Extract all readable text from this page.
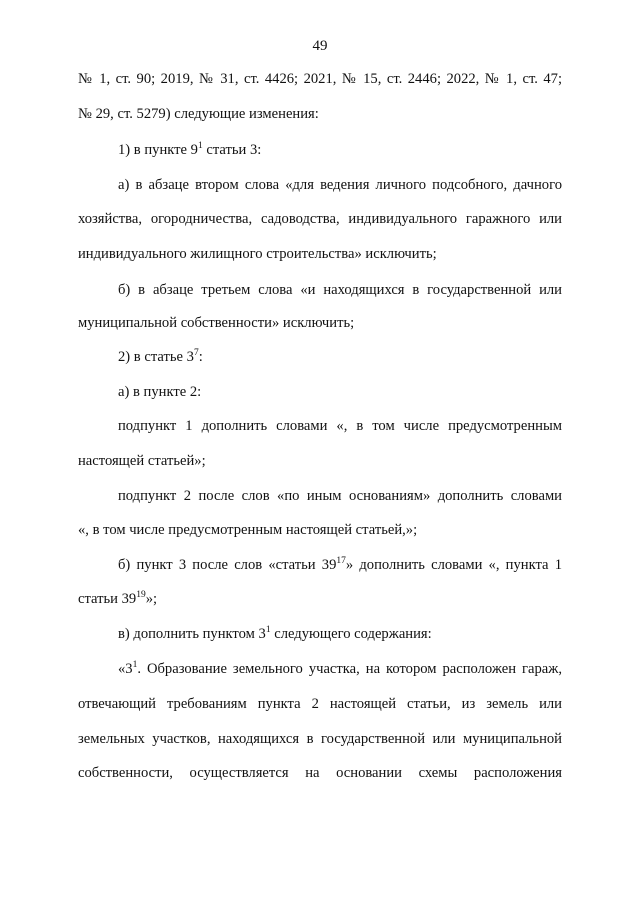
49
№ 1, ст. 90; 2019, № 31, ст. 4426; 2021, № 15, ст. 2446; 2022, № 1, ст. 47;
№ 29, ст. 5279) следующие изменения:
1) в пункте $9^1$ статьи 3:
а) в абзаце втором слова «для ведения личного подсобного, дачного
хозяйства, огородничества, садоводства, индивидуального гаражного или
индивидуального жилищного строительства» исключить;
б) в абзаце третьем слова «и находящихся в государственной или
муниципальной собственности» исключить;
2) в статье $3^7$:
а) в пункте 2:
подпункт 1 дополнить словами «, в том числе предусмотренным
настоящей статьей»;
подпункт 2 после слов «по иным основаниям» дополнить словами
«, в том числе предусмотренным настоящей статьей,»;
б) пункт 3 после слов «статьи $39^{17}$» дополнить словами «, пункта 1
статьи $39^{19}$»;
в) дополнить пунктом $3^1$ следующего содержания:
«$3^1$. Образование земельного участка, на котором расположен гараж,
отвечающий требованиям пункта 2 настоящей статьи, из земель или
земельных участков, находящихся в государственной или муниципальной
собственности, осуществляется на основании схемы расположения
